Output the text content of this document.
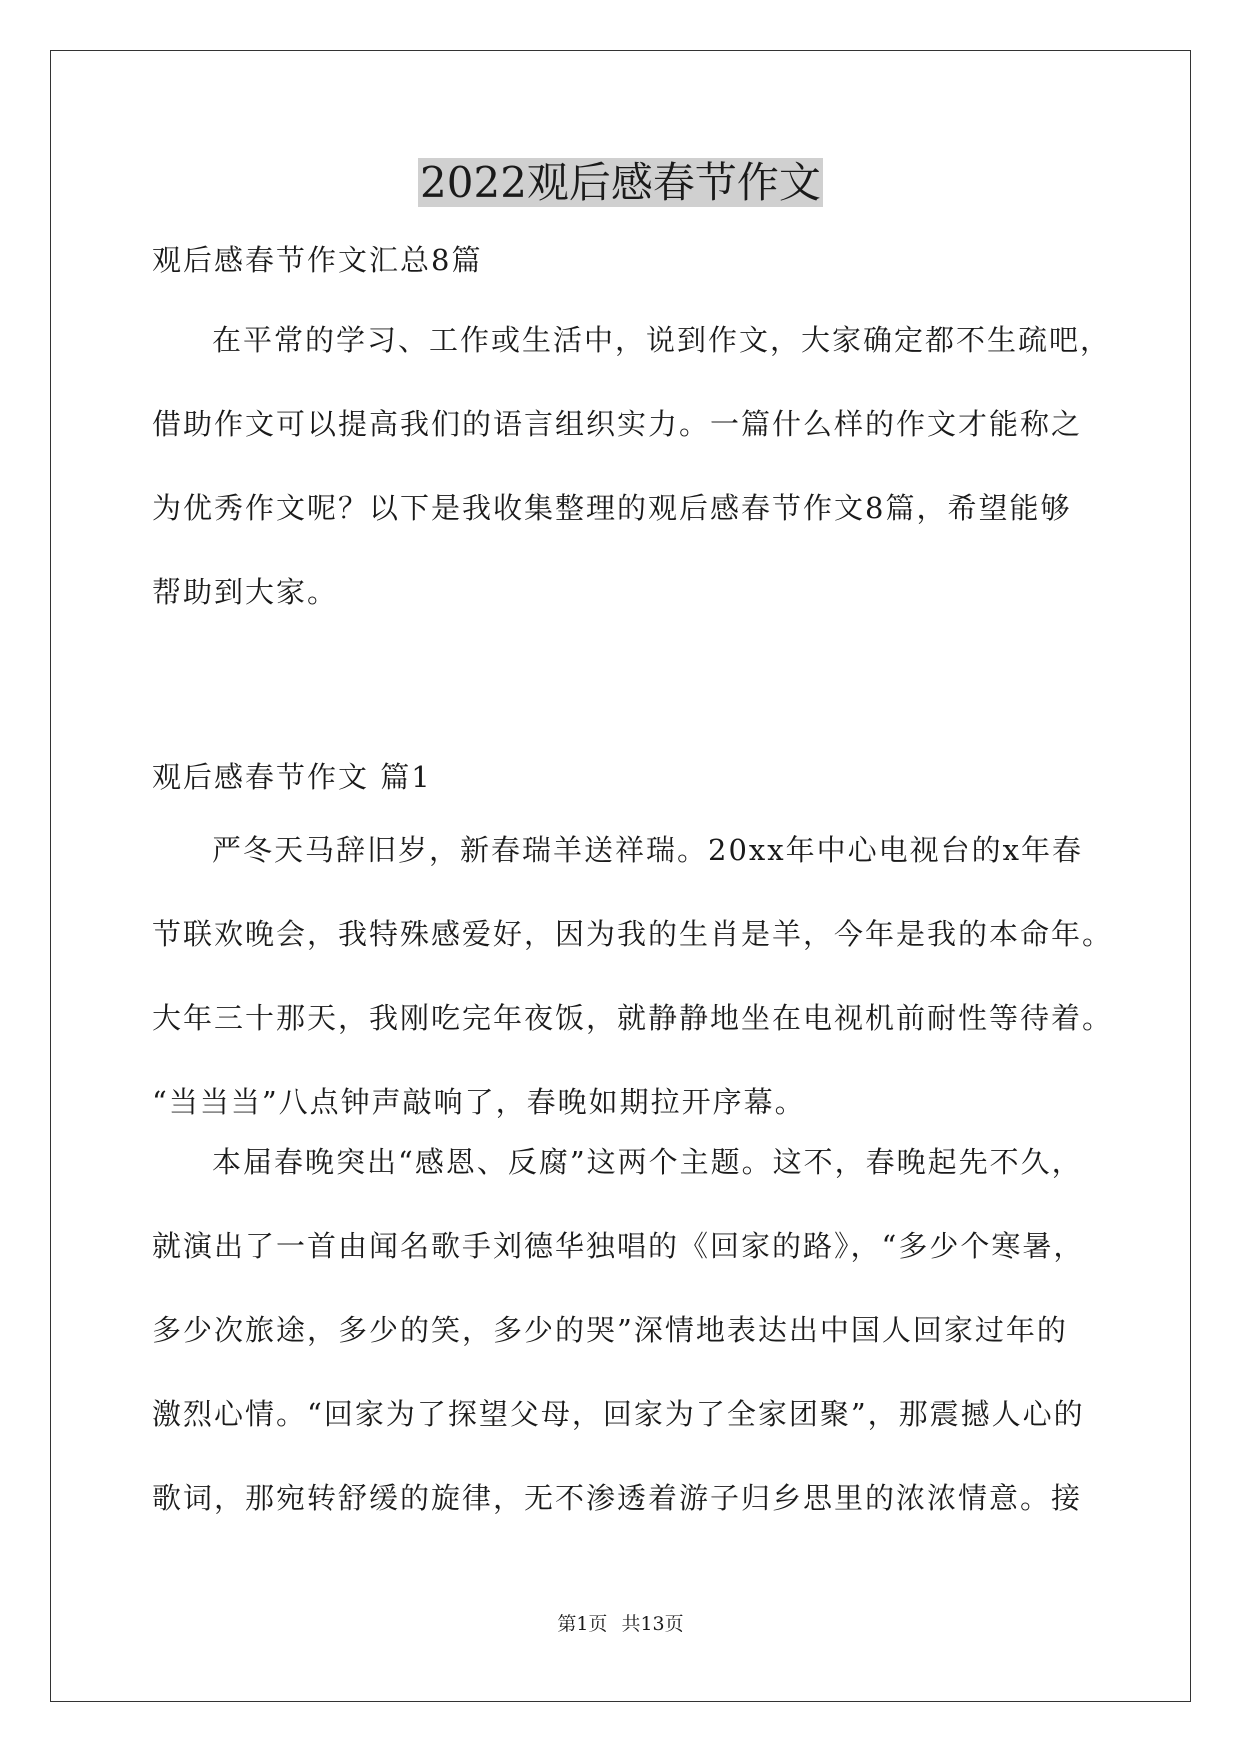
2022观后感春节作文
观后感春节作文汇总8篇
在平常的学习、工作或生活中，说到作文，大家确定都不生疏吧，
借助作文可以提高我们的语言组织实力。一篇什么样的作文才能称之
为优秀作文呢？以下是我收集整理的观后感春节作文8篇，希望能够
帮助到大家。
观后感春节作文 篇1
严冬天马辞旧岁，新春瑞羊送祥瑞。20xx年中心电视台的x年春
节联欢晚会，我特殊感爱好，因为我的生肖是羊，今年是我的本命年。
大年三十那天，我刚吃完年夜饭，就静静地坐在电视机前耐性等待着。
“当当当”八点钟声敲响了，春晚如期拉开序幕。
本届春晚突出“感恩、反腐”这两个主题。这不，春晚起先不久，
就演出了一首由闻名歌手刘德华独唱的《回家的路》，“多少个寒暑，
多少次旅途，多少的笑，多少的哭”深情地表达出中国人回家过年的
激烈心情。“回家为了探望父母，回家为了全家团聚”，那震撼人心的
歌词，那宛转舒缓的旋律，无不渗透着游子归乡思里的浓浓情意。接
第1页 共13页
